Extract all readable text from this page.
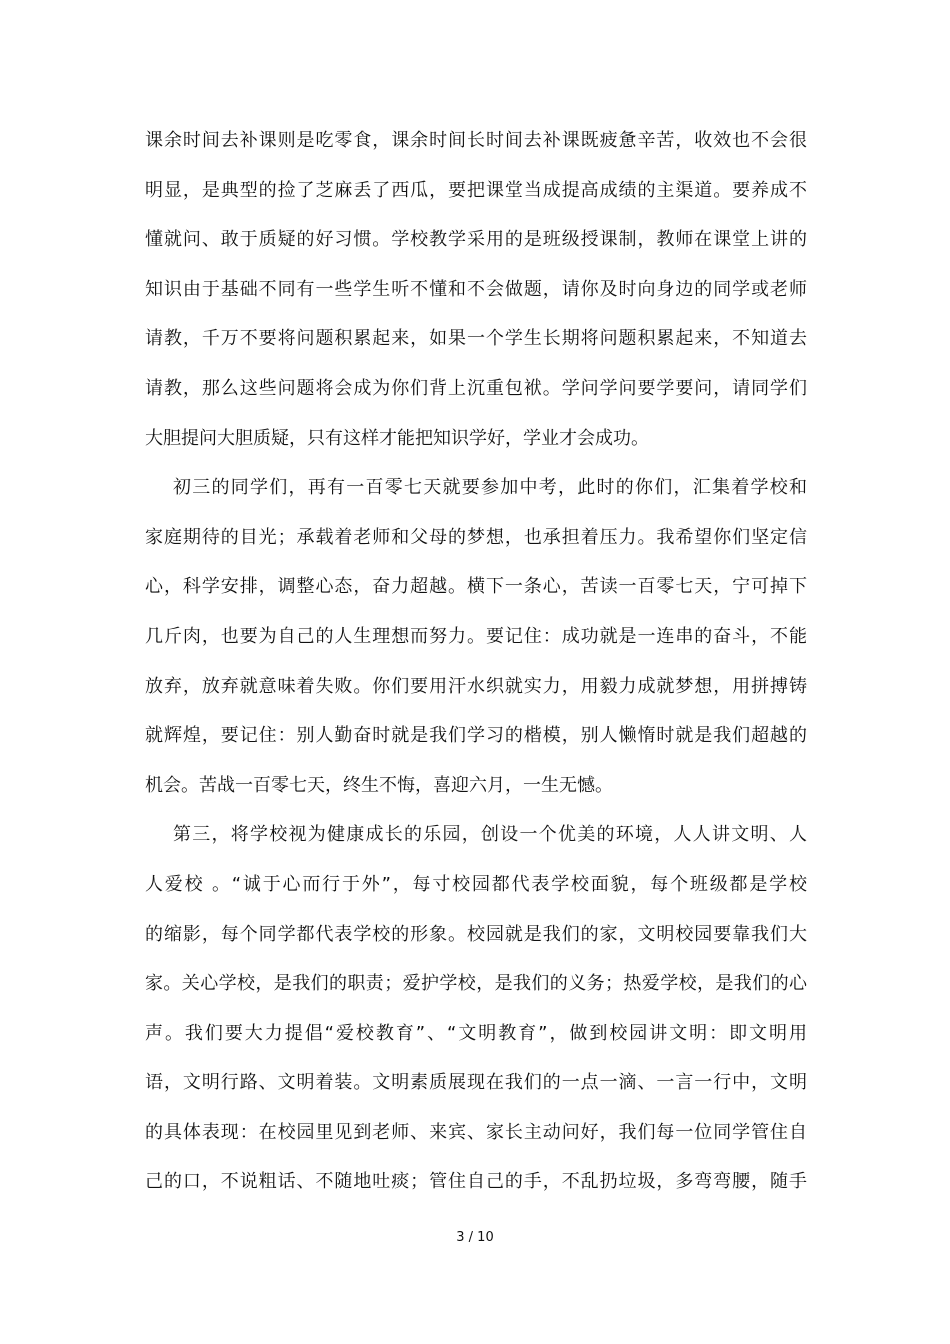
课余时间去补课则是吃零食，课余时间长时间去补课既疲惫辛苦，收效也不会很
明显，是典型的捡了芝麻丢了西瓜，要把课堂当成提高成绩的主渠道。要养成不
懂就问、敢于质疑的好习惯。学校教学采用的是班级授课制，教师在课堂上讲的
知识由于基础不同有一些学生听不懂和不会做题，请你及时向身边的同学或老师
请教，千万不要将问题积累起来，如果一个学生长期将问题积累起来，不知道去
请教，那么这些问题将会成为你们背上沉重包袱。学问学问要学要问，请同学们
大胆提问大胆质疑，只有这样才能把知识学好，学业才会成功。
初三的同学们，再有一百零七天就要参加中考，此时的你们，汇集着学校和
家庭期待的目光；承载着老师和父母的梦想，也承担着压力。我希望你们坚定信
心，科学安排，调整心态，奋力超越。横下一条心，苦读一百零七天，宁可掉下
几斤肉，也要为自己的人生理想而努力。要记住：成功就是一连串的奋斗，不能
放弃，放弃就意味着失败。你们要用汗水织就实力，用毅力成就梦想，用拼搏铸
就辉煌，要记住：别人勤奋时就是我们学习的楷模，别人懒惰时就是我们超越的
机会。苦战一百零七天，终生不悔，喜迎六月，一生无憾。
第三，将学校视为健康成长的乐园，创设一个优美的环境，人人讲文明、人
人爱校 。“诚于心而行于外”，每寸校园都代表学校面貌，每个班级都是学校
的缩影，每个同学都代表学校的形象。校园就是我们的家，文明校园要靠我们大
家。关心学校，是我们的职责；爱护学校，是我们的义务；热爱学校，是我们的心
声。我们要大力提倡“爱校教育”、“文明教育”，做到校园讲文明：即文明用
语，文明行路、文明着装。文明素质展现在我们的一点一滴、一言一行中，文明
的具体表现：在校园里见到老师、来宾、家长主动问好，我们每一位同学管住自
己的口，不说粗话、不随地吐痰；管住自己的手，不乱扔垃圾，多弯弯腰，随手
3 / 10
